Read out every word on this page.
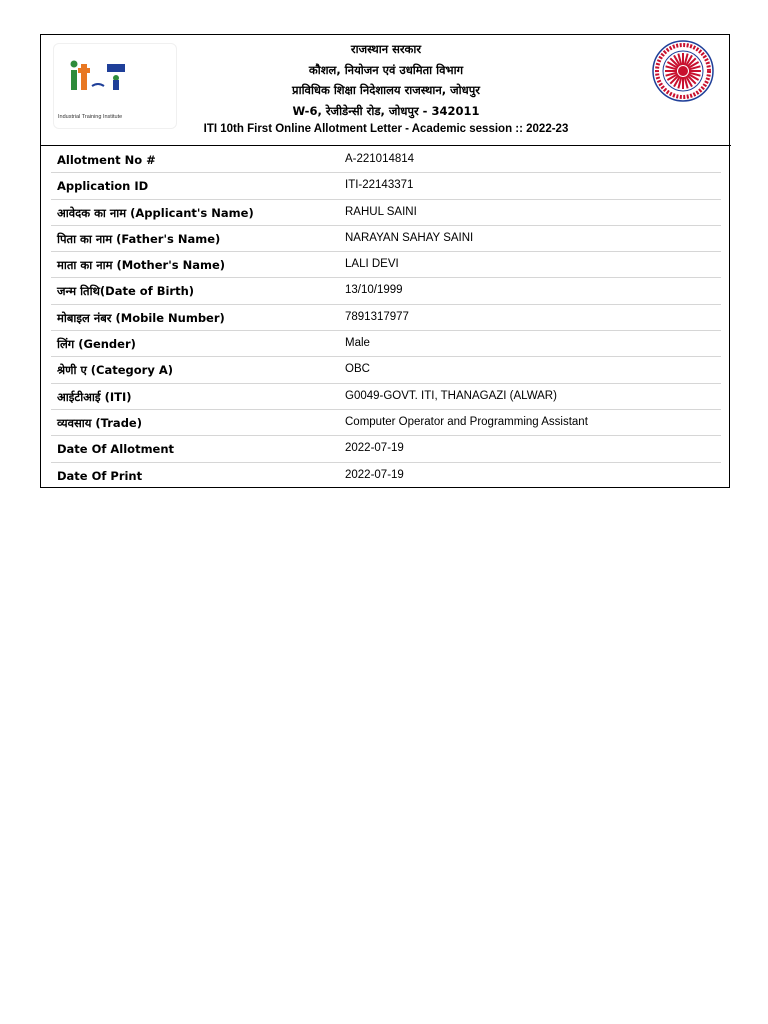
Industrial Training Institute
राजस्थान सरकार
कौशल, नियोजन एवं उधमिता विभाग
प्राविधिक शिक्षा निदेशालय राजस्थान, जोधपुर
W-6, रेजीडेन्सी रोड, जोधपुर - 342011
ITI 10th First Online Allotment Letter - Academic session :: 2022-23
Allotment No #	A-221014814
Application ID	ITI-22143371
आवेदक का नाम (Applicant's Name)	RAHUL SAINI
पिता का नाम (Father's Name)	NARAYAN SAHAY SAINI
माता का नाम (Mother's Name)	LALI DEVI
जन्म तिथि(Date of Birth)	13/10/1999
मोबाइल नंबर (Mobile Number)	7891317977
लिंग (Gender)	Male
श्रेणी ए (Category A)	OBC
आईटीआई (ITI)	G0049-GOVT. ITI, THANAGAZI (ALWAR)
व्यवसाय (Trade)	Computer Operator and Programming Assistant
Date Of Allotment	2022-07-19
Date Of Print	2022-07-19
